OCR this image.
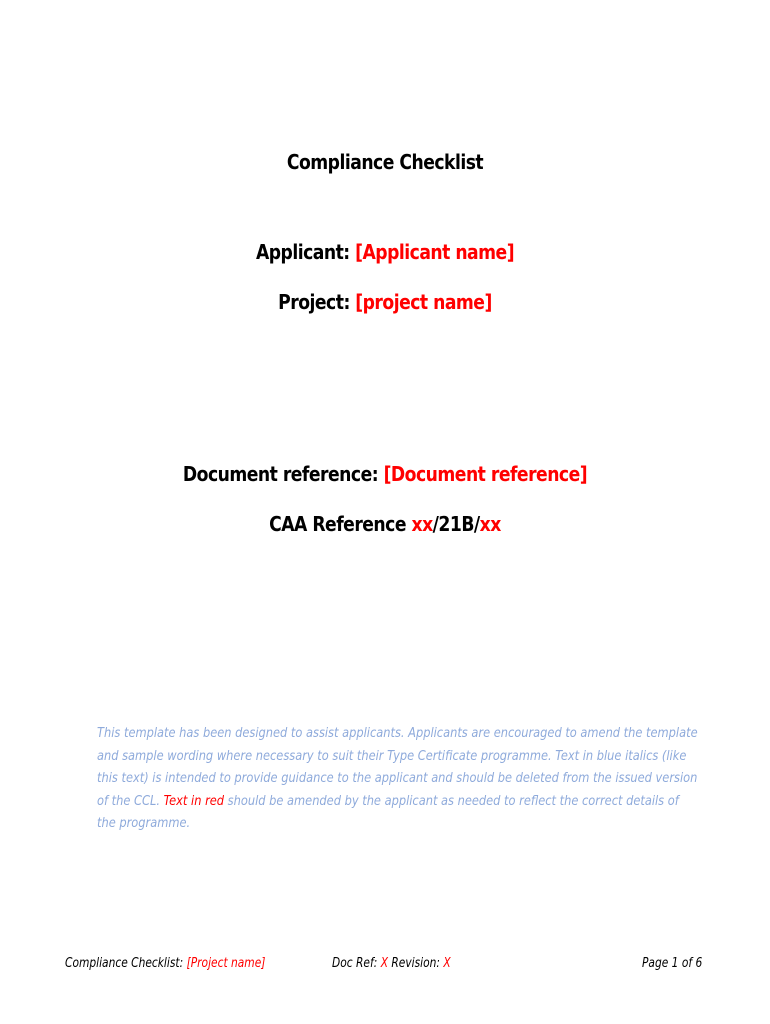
Compliance Checklist
Applicant: [Applicant name]
Project: [project name]
Document reference: [Document reference]
CAA Reference xx/21B/xx
This template has been designed to assist applicants. Applicants are encouraged to amend the template and sample wording where necessary to suit their Type Certificate programme. Text in blue italics (like this text) is intended to provide guidance to the applicant and should be deleted from the issued version of the CCL. Text in red should be amended by the applicant as needed to reflect the correct details of the programme.
Compliance Checklist: [Project name]	Doc Ref: X Revision: X	Page 1 of 6
